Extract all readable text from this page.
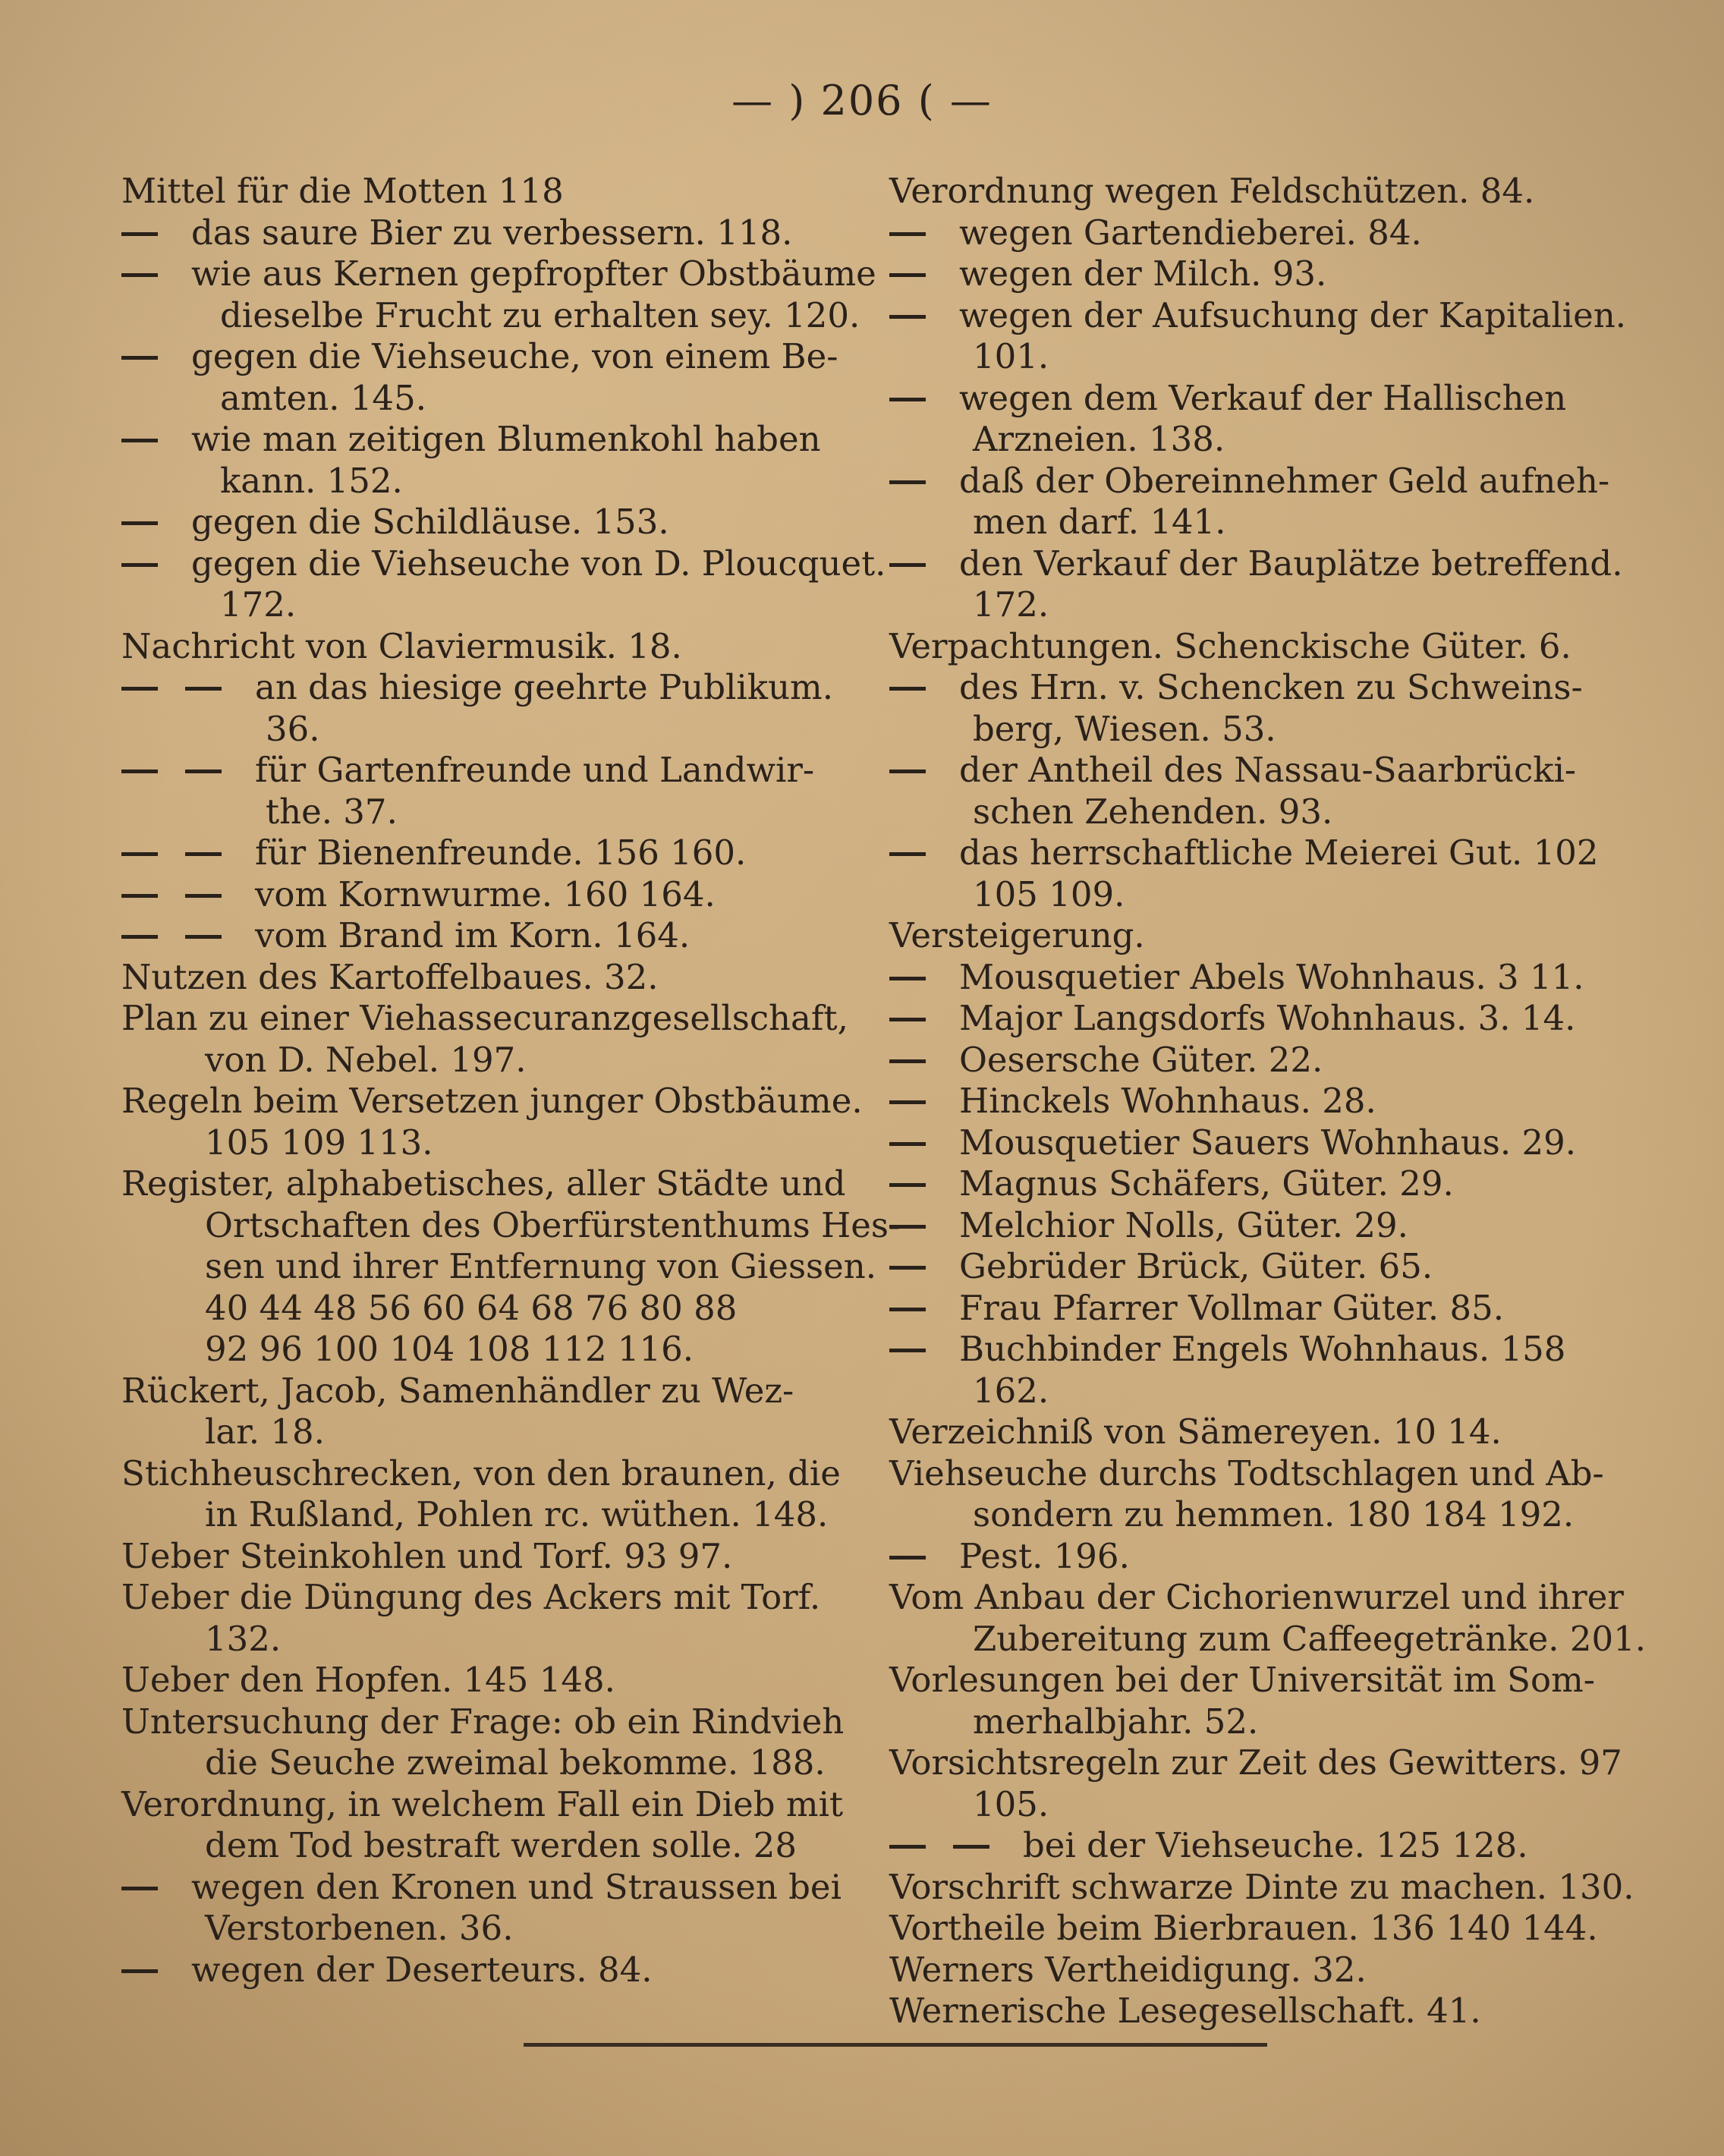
— ) 206 ( —
Mittel für die Motten 118
das saure Bier zu verbessern. 118.
wie aus Kernen gepfropfter Obstbäume
dieselbe Frucht zu erhalten sey. 120.
gegen die Viehseuche, von einem Be-
amten. 145.
wie man zeitigen Blumenkohl haben
kann. 152.
gegen die Schildläuse. 153.
gegen die Viehseuche von D. Ploucquet.
172.
Nachricht von Claviermusik. 18.
an das hiesige geehrte Publikum.
36.
für Gartenfreunde und Landwir-
the. 37.
für Bienenfreunde. 156 160.
vom Kornwurme. 160 164.
vom Brand im Korn. 164.
Nutzen des Kartoffelbaues. 32.
Plan zu einer Viehassecuranzgesellschaft,
von D. Nebel. 197.
Regeln beim Versetzen junger Obstbäume.
105 109 113.
Register, alphabetisches, aller Städte und
Ortschaften des Oberfürstenthums Hes-
sen und ihrer Entfernung von Giessen.
40 44 48 56 60 64 68 76 80 88
92 96 100 104 108 112 116.
Rückert, Jacob, Samenhändler zu Wez-
lar. 18.
Stichheuschrecken, von den braunen, die
in Rußland, Pohlen rc. wüthen. 148.
Ueber Steinkohlen und Torf. 93 97.
Ueber die Düngung des Ackers mit Torf.
132.
Ueber den Hopfen. 145 148.
Untersuchung der Frage: ob ein Rindvieh
die Seuche zweimal bekomme. 188.
Verordnung, in welchem Fall ein Dieb mit
dem Tod bestraft werden solle. 28
wegen den Kronen und Straussen bei
Verstorbenen. 36.
wegen der Deserteurs. 84.
Verordnung wegen Feldschützen. 84.
wegen Gartendieberei. 84.
wegen der Milch. 93.
wegen der Aufsuchung der Kapitalien.
101.
wegen dem Verkauf der Hallischen
Arzneien. 138.
daß der Obereinnehmer Geld aufneh-
men darf. 141.
den Verkauf der Bauplätze betreffend.
172.
Verpachtungen. Schenckische Güter. 6.
des Hrn. v. Schencken zu Schweins-
berg, Wiesen. 53.
der Antheil des Nassau-Saarbrücki-
schen Zehenden. 93.
das herrschaftliche Meierei Gut. 102
105 109.
Versteigerung.
Mousquetier Abels Wohnhaus. 3 11.
Major Langsdorfs Wohnhaus. 3. 14.
Oesersche Güter. 22.
Hinckels Wohnhaus. 28.
Mousquetier Sauers Wohnhaus. 29.
Magnus Schäfers, Güter. 29.
Melchior Nolls, Güter. 29.
Gebrüder Brück, Güter. 65.
Frau Pfarrer Vollmar Güter. 85.
Buchbinder Engels Wohnhaus. 158
162.
Verzeichniß von Sämereyen. 10 14.
Viehseuche durchs Todtschlagen und Ab-
sondern zu hemmen. 180 184 192.
Pest. 196.
Vom Anbau der Cichorienwurzel und ihrer
Zubereitung zum Caffeegetränke. 201.
Vorlesungen bei der Universität im Som-
merhalbjahr. 52.
Vorsichtsregeln zur Zeit des Gewitters. 97
105.
bei der Viehseuche. 125 128.
Vorschrift schwarze Dinte zu machen. 130.
Vortheile beim Bierbrauen. 136 140 144.
Werners Vertheidigung. 32.
Wernerische Lesegesellschaft. 41.
